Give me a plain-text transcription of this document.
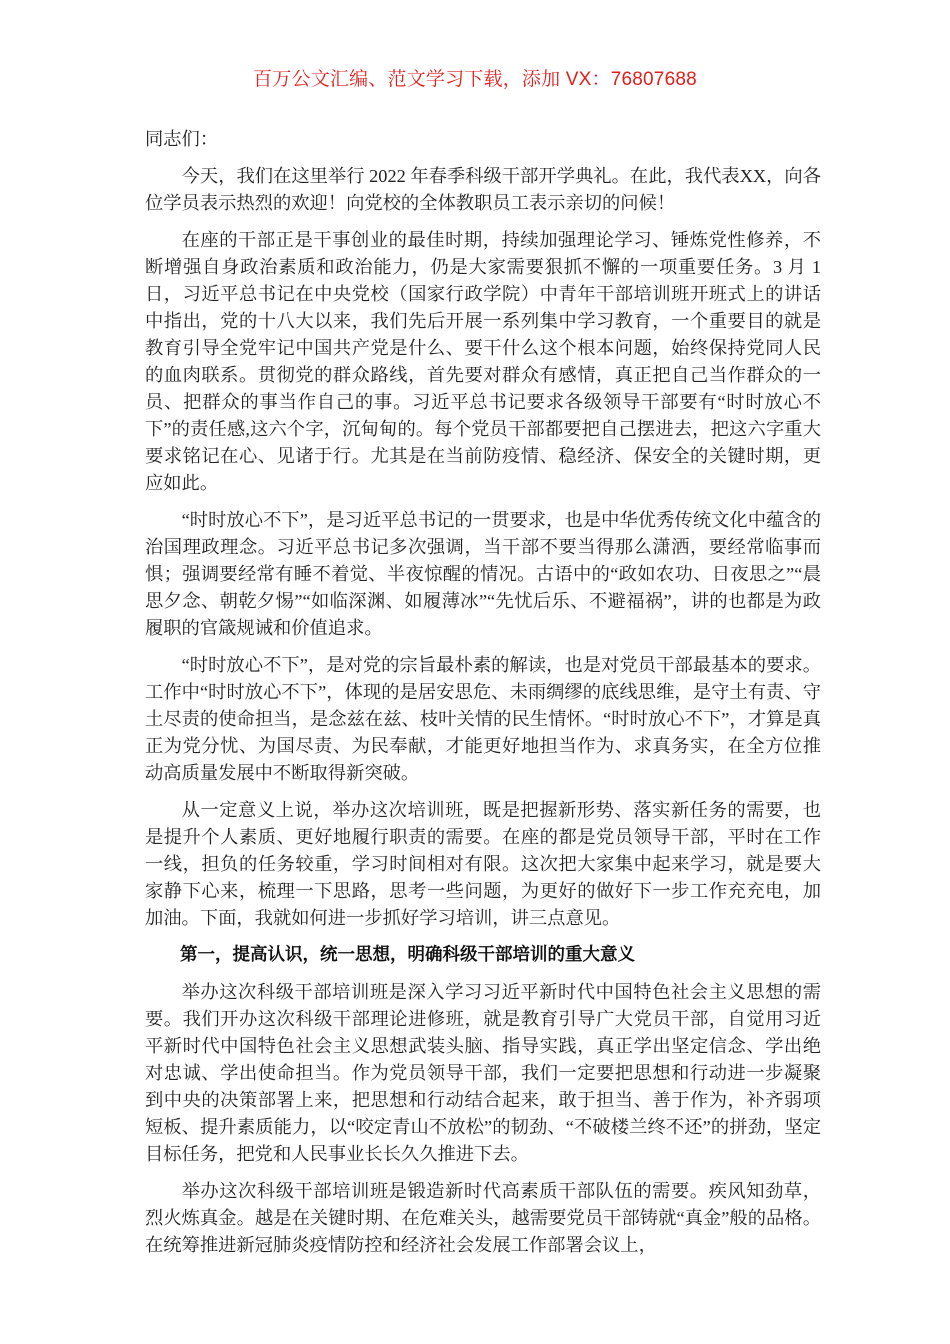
百万公文汇编、范文学习下载，添加 VX：76807688

同志们：

今天，我们在这里举行 2022 年春季科级干部开学典礼。在此，我代表XX，向各位学员表示热烈的欢迎！向党校的全体教职员工表示亲切的问候！

在座的干部正是干事创业的最佳时期，持续加强理论学习、锤炼党性修养，不断增强自身政治素质和政治能力，仍是大家需要狠抓不懈的一项重要任务。3 月 1 日，习近平总书记在中央党校（国家行政学院）中青年干部培训班开班式上的讲话中指出，党的十八大以来，我们先后开展一系列集中学习教育，一个重要目的就是教育引导全党牢记中国共产党是什么、要干什么这个根本问题，始终保持党同人民的血肉联系。贯彻党的群众路线，首先要对群众有感情，真正把自己当作群众的一员、把群众的事当作自己的事。习近平总书记要求各级领导干部要有“时时放心不下”的责任感,这六个字，沉甸甸的。每个党员干部都要把自己摆进去，把这六字重大要求铭记在心、见诸于行。尤其是在当前防疫情、稳经济、保安全的关键时期，更应如此。

“时时放心不下”，是习近平总书记的一贯要求，也是中华优秀传统文化中蕴含的治国理政理念。习近平总书记多次强调，当干部不要当得那么潇洒，要经常临事而惧；强调要经常有睡不着觉、半夜惊醒的情况。古语中的“政如农功、日夜思之”“晨思夕念、朝乾夕惕”“如临深渊、如履薄冰”“先忧后乐、不避福祸”，讲的也都是为政履职的官箴规诫和价值追求。

“时时放心不下”，是对党的宗旨最朴素的解读，也是对党员干部最基本的要求。工作中“时时放心不下”，体现的是居安思危、未雨绸缪的底线思维，是守土有责、守土尽责的使命担当，是念兹在兹、枝叶关情的民生情怀。“时时放心不下”，才算是真正为党分忧、为国尽责、为民奉献，才能更好地担当作为、求真务实，在全方位推动高质量发展中不断取得新突破。

从一定意义上说，举办这次培训班，既是把握新形势、落实新任务的需要，也是提升个人素质、更好地履行职责的需要。在座的都是党员领导干部，平时在工作一线，担负的任务较重，学习时间相对有限。这次把大家集中起来学习，就是要大家静下心来，梳理一下思路，思考一些问题，为更好的做好下一步工作充充电，加加油。下面，我就如何进一步抓好学习培训，讲三点意见。

第一，提高认识，统一思想，明确科级干部培训的重大意义

举办这次科级干部培训班是深入学习习近平新时代中国特色社会主义思想的需要。我们开办这次科级干部理论进修班，就是教育引导广大党员干部，自觉用习近平新时代中国特色社会主义思想武装头脑、指导实践，真正学出坚定信念、学出绝对忠诚、学出使命担当。作为党员领导干部，我们一定要把思想和行动进一步凝聚到中央的决策部署上来，把思想和行动结合起来，敢于担当、善于作为，补齐弱项短板、提升素质能力，以“咬定青山不放松”的韧劲、“不破楼兰终不还”的拼劲，坚定目标任务，把党和人民事业长长久久推进下去。

举办这次科级干部培训班是锻造新时代高素质干部队伍的需要。疾风知劲草，烈火炼真金。越是在关键时期、在危难关头，越需要党员干部铸就“真金”般的品格。在统筹推进新冠肺炎疫情防控和经济社会发展工作部署会议上，
